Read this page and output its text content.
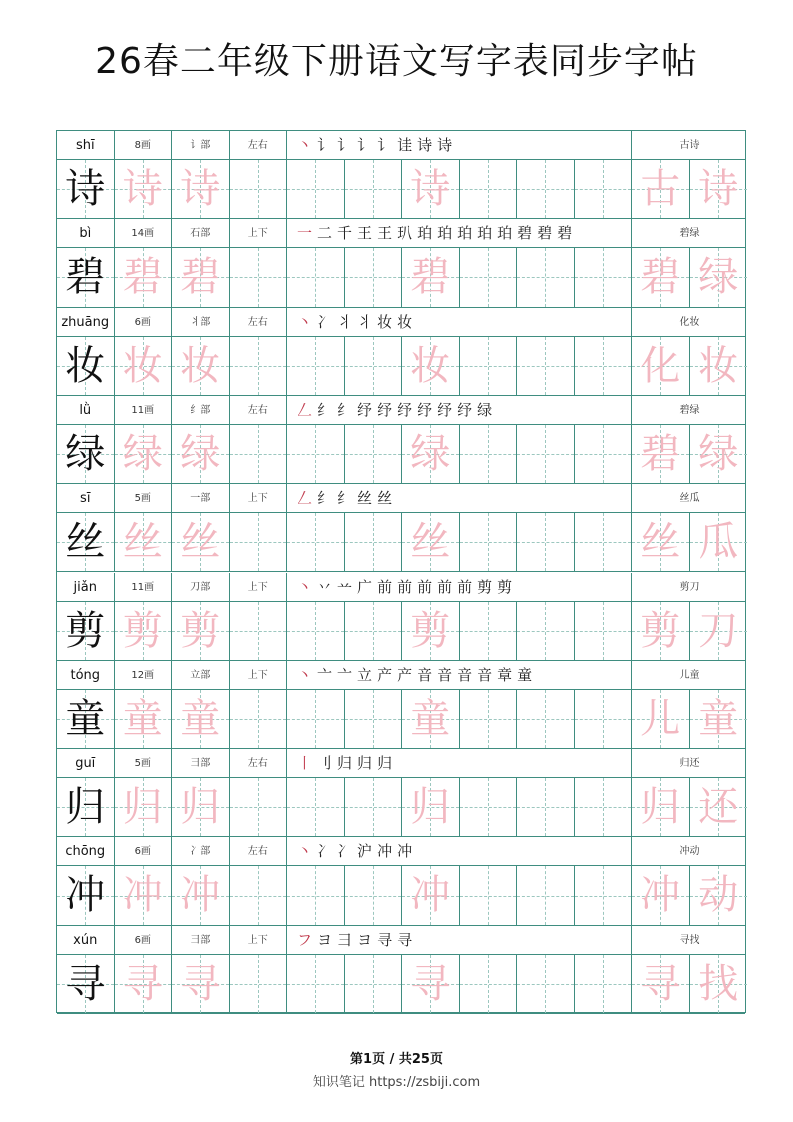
26春二年级下册语文写字表同步字帖
shī	8画	讠部	左右	丶 讠 讠 讠 讠 诖 诗 诗	古诗
诗 诗 诗	诗	古 诗
bì	14画	石部	上下	一 二 千 王 王 玐 珀 珀 珀 珀 珀 碧 碧 碧	碧绿
碧 碧 碧	碧	碧 绿
zhuāng	6画	丬部	左右	丶 冫 丬 丬 妆 妆	化妆
妆 妆 妆	妆	化 妆
lǜ	11画	纟部	左右	𠃋 纟 纟 纾 纾 纾 纾 纾 纾 绿	碧绿
绿 绿 绿	绿	碧 绿
sī	5画	一部	上下	𠃋 纟 纟 丝 丝	丝瓜
丝 丝 丝	丝	丝 瓜
jiǎn	11画	刀部	上下	丶 丷 䒑 广 前 前 前 前 前 剪 剪	剪刀
剪 剪 剪	剪	剪 刀
tóng	12画	立部	上下	丶 亠 亠 立 产 产 音 音 音 音 章 童	儿童
童 童 童	童	儿 童
guī	5画	彐部	左右	丨 刂 归 归 归	归还
归 归 归	归	归 还
chōng	6画	冫部	左右	丶 冫 冫 沪 冲 冲	冲动
冲 冲 冲	冲	冲 动
xún	6画	彐部	上下	フ ヨ 彐 ヨ 寻 寻	寻找
寻 寻 寻	寻	寻 找
第1页 / 共25页
知识笔记 https://zsbiji.com
